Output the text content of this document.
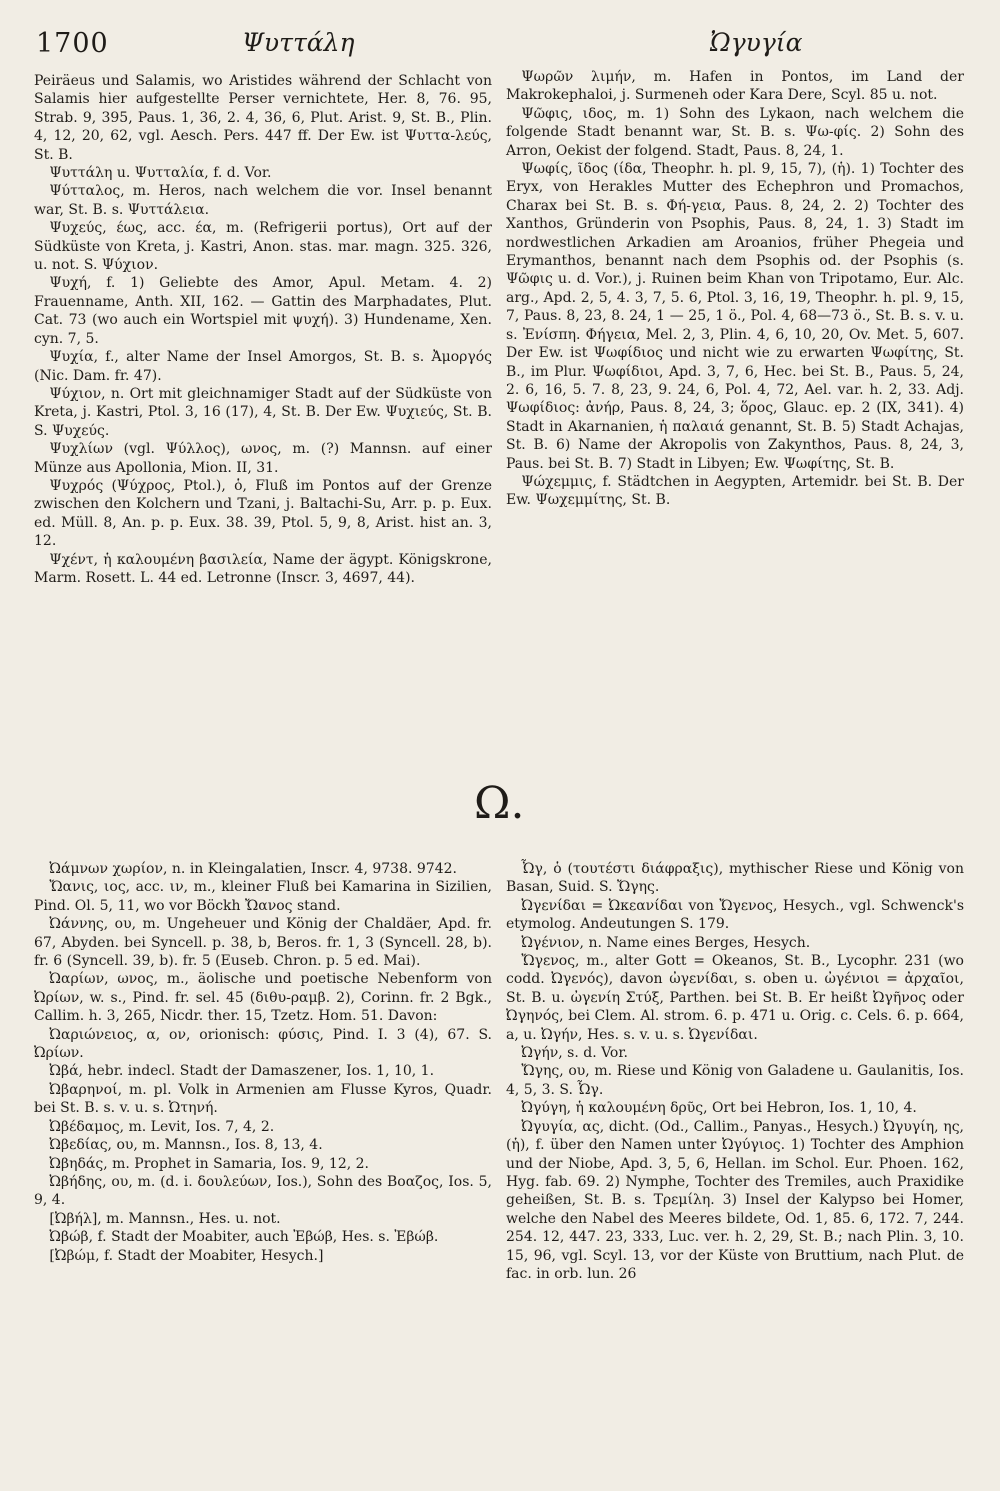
1700	Ψυττάλη	Ὠγυγία

Peiräeus und Salamis, wo Aristides während der Schlacht von Salamis hier aufgestellte Perser vernichtete, Her. 8, 76. 95, Strab. 9, 395, Paus. 1, 36, 2. 4, 36, 6, Plut. Arist. 9, St. B., Plin. 4, 12, 20, 62, vgl. Aesch. Pers. 447 ff. Der Ew. ist Ψυττα-λεύς, St. B.

Ψυττάλη u. Ψυτταλία, f. d. Vor.

Ψύτταλος, m. Heros, nach welchem die vor. Insel benannt war, St. B. s. Ψυττάλεια.

Ψυχεύς, έως, acc. έα, m. (Refrigerii portus), Ort auf der Südküste von Kreta, j. Kastri, Anon. stas. mar. magn. 325. 326, u. not. S. Ψύχιον.

Ψυχή, f. 1) Geliebte des Amor, Apul. Metam. 4. 2) Frauenname, Anth. XII, 162. — Gattin des Marphadates, Plut. Cat. 73 (wo auch ein Wortspiel mit ψυχή). 3) Hundename, Xen. cyn. 7, 5.

Ψυχία, f., alter Name der Insel Amorgos, St. B. s. Ἀμοργός (Nic. Dam. fr. 47).

Ψύχιον, n. Ort mit gleichnamiger Stadt auf der Südküste von Kreta, j. Kastri, Ptol. 3, 16 (17), 4, St. B. Der Ew. Ψυχιεύς, St. B. S. Ψυχεύς.

Ψυχλίων (vgl. Ψύλλος), ωνος, m. (?) Mannsn. auf einer Münze aus Apollonia, Mion. II, 31.

Ψυχρός (Ψύχρος, Ptol.), ὁ, Fluß im Pontos auf der Grenze zwischen den Kolchern und Tzani, j. Baltachi-Su, Arr. p. p. Eux. ed. Müll. 8, An. p. p. Eux. 38. 39, Ptol. 5, 9, 8, Arist. hist an. 3, 12.

Ψχέντ, ἡ καλουμένη βασιλεία, Name der ägypt. Königskrone, Marm. Rosett. L. 44 ed. Letronne (Inscr. 3, 4697, 44).

Ψωρῶν λιμήν, m. Hafen in Pontos, im Land der Makrokephaloi, j. Surmeneh oder Kara Dere, Scyl. 85 u. not.

Ψῶφις, ιδος, m. 1) Sohn des Lykaon, nach welchem die folgende Stadt benannt war, St. B. s. Ψω-φίς. 2) Sohn des Arron, Oekist der folgend. Stadt, Paus. 8, 24, 1.

Ψωφίς, ῖδος (ίδα, Theophr. h. pl. 9, 15, 7), (ἡ). 1) Tochter des Eryx, von Herakles Mutter des Echephron und Promachos, Charax bei St. B. s. Φή-γεια, Paus. 8, 24, 2. 2) Tochter des Xanthos, Gründerin von Psophis, Paus. 8, 24, 1. 3) Stadt im nordwestlichen Arkadien am Aroanios, früher Phegeia und Erymanthos, benannt nach dem Psophis od. der Psophis (s. Ψῶφις u. d. Vor.), j. Ruinen beim Khan von Tripotamo, Eur. Alc. arg., Apd. 2, 5, 4. 3, 7, 5. 6, Ptol. 3, 16, 19, Theophr. h. pl. 9, 15, 7, Paus. 8, 23, 8. 24, 1 — 25, 1 ö., Pol. 4, 68—73 ö., St. B. s. v. u. s. Ἐνίσπη. Φήγεια, Mel. 2, 3, Plin. 4, 6, 10, 20, Ov. Met. 5, 607. Der Ew. ist Ψωφίδιος und nicht wie zu erwarten Ψωφίτης, St. B., im Plur. Ψωφίδιοι, Apd. 3, 7, 6, Hec. bei St. B., Paus. 5, 24, 2. 6, 16, 5. 7. 8, 23, 9. 24, 6, Pol. 4, 72, Ael. var. h. 2, 33. Adj. Ψωφίδιος: ἀνήρ, Paus. 8, 24, 3; ὅρος, Glauc. ep. 2 (IX, 341). 4) Stadt in Akarnanien, ἡ παλαιά genannt, St. B. 5) Stadt Achajas, St. B. 6) Name der Akropolis von Zakynthos, Paus. 8, 24, 3, Paus. bei St. B. 7) Stadt in Libyen; Ew. Ψωφίτης, St. B.

Ψώχεμμις, f. Städtchen in Aegypten, Artemidr. bei St. B. Der Ew. Ψωχεμμίτης, St. B.

Ω.

Ὠάμνων χωρίον, n. in Kleingalatien, Inscr. 4, 9738. 9742.

Ὤανις, ιος, acc. ιν, m., kleiner Fluß bei Kamarina in Sizilien, Pind. Ol. 5, 11, wo vor Böckh Ὤανος stand.

Ὠάννης, ου, m. Ungeheuer und König der Chaldäer, Apd. fr. 67, Abyden. bei Syncell. p. 38, b, Beros. fr. 1, 3 (Syncell. 28, b). fr. 6 (Syncell. 39, b). fr. 5 (Euseb. Chron. p. 5 ed. Mai).

Ὠαρίων, ωνος, m., äolische und poetische Nebenform von Ὠρίων, w. s., Pind. fr. sel. 45 (διθυ-ραμβ. 2), Corinn. fr. 2 Bgk., Callim. h. 3, 265, Nicdr. ther. 15, Tzetz. Hom. 51. Davon:

Ὠαριώνειος, α, ον, orionisch: φύσις, Pind. I. 3 (4), 67. S. Ὠρίων.

Ὠβά, hebr. indecl. Stadt der Damaszener, Ios. 1, 10, 1.

Ὠβαρηνοί, m. pl. Volk in Armenien am Flusse Kyros, Quadr. bei St. B. s. v. u. s. Ὠτηνή.

Ὠβέδαμος, m. Levit, Ios. 7, 4, 2.

Ὠβεδίας, ου, m. Mannsn., Ios. 8, 13, 4.

Ὠβηδάς, m. Prophet in Samaria, Ios. 9, 12, 2.

Ὠβήδης, ου, m. (d. i. δουλεύων, Ios.), Sohn des Βοαζος, Ios. 5, 9, 4.

[Ὠβήλ], m. Mannsn., Hes. u. not.

Ὠβώβ, f. Stadt der Moabiter, auch Ἐβώβ, Hes. s. Ἐβώβ.

[Ὠβώμ, f. Stadt der Moabiter, Hesych.]

Ὦγ, ὁ (τουτέστι διάφραξις), mythischer Riese und König von Basan, Suid. S. Ὤγης.

Ὠγενίδαι = Ὠκεανίδαι von Ὤγενος, Hesych., vgl. Schwenck's etymolog. Andeutungen S. 179.

Ὠγένιον, n. Name eines Berges, Hesych.

Ὤγενος, m., alter Gott = Okeanos, St. B., Lycophr. 231 (wo codd. Ὠγενός), davon ὠγενίδαι, s. oben u. ὠγένιοι = ἀρχαῖοι, St. B. u. ὠγενίη Στύξ, Parthen. bei St. B. Er heißt Ὠγῆνος oder Ὠγηνός, bei Clem. Al. strom. 6. p. 471 u. Orig. c. Cels. 6. p. 664, a, u. Ὠγήν, Hes. s. v. u. s. Ὠγενίδαι.

Ὠγήν, s. d. Vor.

Ὤγης, ου, m. Riese und König von Galadene u. Gaulanitis, Ios. 4, 5, 3. S. Ὦγ.

Ὠγύγη, ἡ καλουμένη δρῦς, Ort bei Hebron, Ios. 1, 10, 4.

Ὠγυγία, ας, dicht. (Od., Callim., Panyas., Hesych.) Ὠγυγίη, ης, (ἡ), f. über den Namen unter Ὠγύγιος. 1) Tochter des Amphion und der Niobe, Apd. 3, 5, 6, Hellan. im Schol. Eur. Phoen. 162, Hyg. fab. 69. 2) Nymphe, Tochter des Tremiles, auch Praxidike geheißen, St. B. s. Τρεμίλη. 3) Insel der Kalypso bei Homer, welche den Nabel des Meeres bildete, Od. 1, 85. 6, 172. 7, 244. 254. 12, 447. 23, 333, Luc. ver. h. 2, 29, St. B.; nach Plin. 3, 10. 15, 96, vgl. Scyl. 13, vor der Küste von Bruttium, nach Plut. de fac. in orb. lun. 26
